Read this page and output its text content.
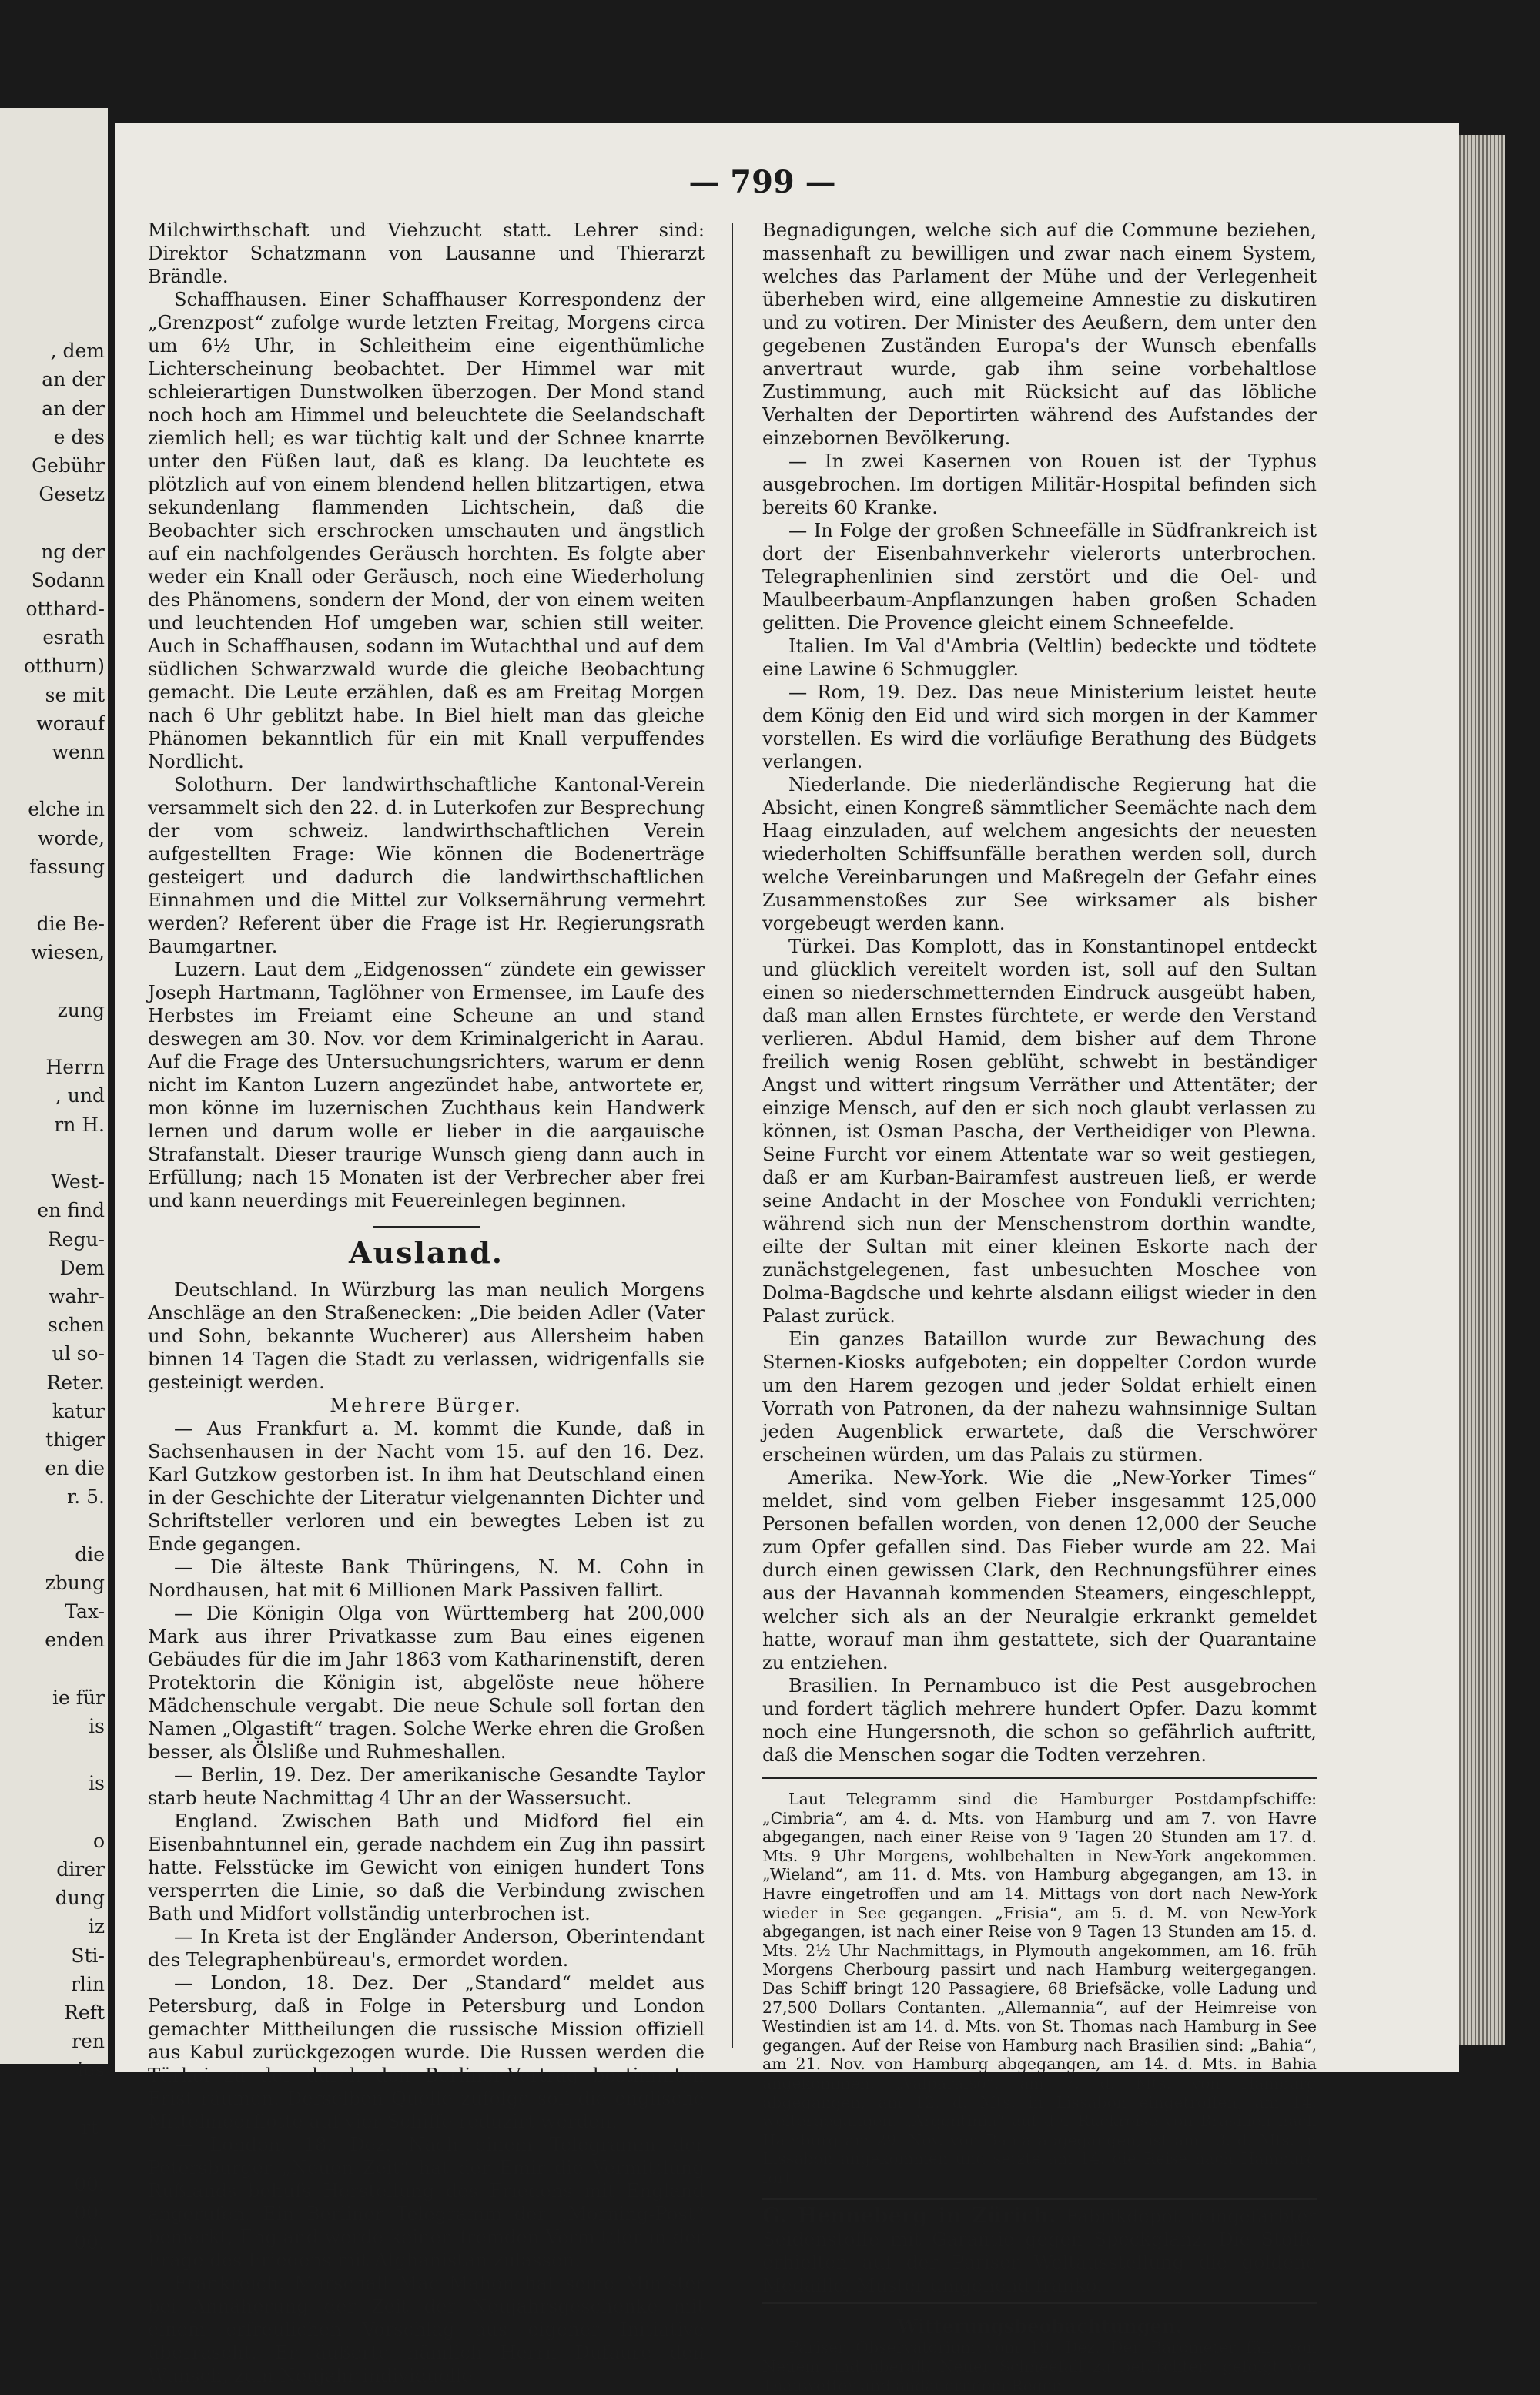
, dem
an der
an der
e des
Gebühr
Gesetz

ng der
Sodann
otthard-
esrath
otthurn)
se mit
worauf
wenn

elche in
worde,
fassung

die Be-
wiesen,

zung

Herrn
, und
rn H.

West-
en find
Regu-
Dem
wahr-
schen
ul so-
Reter.
katur
thiger
en die
r. 5.

die
zbung
Tax-
enden

ie für
is

is

o
direr
dung
iz
Sti-
rlin
Reft
ren
ies

rt-

00.
00.
00.

— 799 —

Milchwirthschaft und Viehzucht statt. Lehrer sind: Direktor Schatzmann von Lausanne und Thierarzt Brändle.

Schaffhausen. Einer Schaffhauser Korrespondenz der „Grenzpost“ zufolge wurde letzten Freitag, Morgens circa um 6½ Uhr, in Schleitheim eine eigenthümliche Lichterscheinung beobachtet. Der Himmel war mit schleierartigen Dunstwolken überzogen. Der Mond stand noch hoch am Himmel und beleuchtete die Seelandschaft ziemlich hell; es war tüchtig kalt und der Schnee knarrte unter den Füßen laut, daß es klang. Da leuchtete es plötzlich auf von einem blendend hellen blitzartigen, etwa sekundenlang flammenden Lichtschein, daß die Beobachter sich erschrocken umschauten und ängstlich auf ein nachfolgendes Geräusch horchten. Es folgte aber weder ein Knall oder Geräusch, noch eine Wiederholung des Phänomens, sondern der Mond, der von einem weiten und leuchtenden Hof umgeben war, schien still weiter. Auch in Schaffhausen, sodann im Wutachthal und auf dem südlichen Schwarzwald wurde die gleiche Beobachtung gemacht. Die Leute erzählen, daß es am Freitag Morgen nach 6 Uhr geblitzt habe. In Biel hielt man das gleiche Phänomen bekanntlich für ein mit Knall verpuffendes Nordlicht.

Solothurn. Der landwirthschaftliche Kantonal-Verein versammelt sich den 22. d. in Luterkofen zur Besprechung der vom schweiz. landwirthschaftlichen Verein aufgestellten Frage: Wie können die Bodenerträge gesteigert und dadurch die landwirthschaftlichen Einnahmen und die Mittel zur Volksernährung vermehrt werden? Referent über die Frage ist Hr. Regierungsrath Baumgartner.

Luzern. Laut dem „Eidgenossen“ zündete ein gewisser Joseph Hartmann, Taglöhner von Ermensee, im Laufe des Herbstes im Freiamt eine Scheune an und stand deswegen am 30. Nov. vor dem Kriminalgericht in Aarau. Auf die Frage des Untersuchungsrichters, warum er denn nicht im Kanton Luzern angezündet habe, antwortete er, mon könne im luzernischen Zuchthaus kein Handwerk lernen und darum wolle er lieber in die aargauische Strafanstalt. Dieser traurige Wunsch gieng dann auch in Erfüllung; nach 15 Monaten ist der Verbrecher aber frei und kann neuerdings mit Feuereinlegen beginnen.

Ausland.

Deutschland. In Würzburg las man neulich Morgens Anschläge an den Straßenecken: „Die beiden Adler (Vater und Sohn, bekannte Wucherer) aus Allersheim haben binnen 14 Tagen die Stadt zu verlassen, widrigenfalls sie gesteinigt werden.

Mehrere Bürger.

— Aus Frankfurt a. M. kommt die Kunde, daß in Sachsenhausen in der Nacht vom 15. auf den 16. Dez. Karl Gutzkow gestorben ist. In ihm hat Deutschland einen in der Geschichte der Literatur vielgenannten Dichter und Schriftsteller verloren und ein bewegtes Leben ist zu Ende gegangen.

— Die älteste Bank Thüringens, N. M. Cohn in Nordhausen, hat mit 6 Millionen Mark Passiven fallirt.

— Die Königin Olga von Württemberg hat 200,000 Mark aus ihrer Privatkasse zum Bau eines eigenen Gebäudes für die im Jahr 1863 vom Katharinenstift, deren Protektorin die Königin ist, abgelöste neue höhere Mädchenschule vergabt. Die neue Schule soll fortan den Namen „Olgastift“ tragen. Solche Werke ehren die Großen besser, als Ölsliße und Ruhmeshallen.

— Berlin, 19. Dez. Der amerikanische Gesandte Taylor starb heute Nachmittag 4 Uhr an der Wassersucht.

England. Zwischen Bath und Midford fiel ein Eisenbahntunnel ein, gerade nachdem ein Zug ihn passirt hatte. Felsstücke im Gewicht von einigen hundert Tons versperrten die Linie, so daß die Verbindung zwischen Bath und Midfort vollständig unterbrochen ist.

— In Kreta ist der Engländer Anderson, Oberintendant des Telegraphenbüreau's, ermordet worden.

— London, 18. Dez. Der „Standard“ meldet aus Petersburg, daß in Folge in Petersburg und London gemachter Mittheilungen die russische Mission offiziell aus Kabul zurückgezogen wurde. Die Russen werden die Türkei zu der durch den Berliner-Vertrag bestimmten Frist räumen. Derselben Quelle zufolge soll die englische Mittelmeerflotte auf vier Schiffe reduzirt werden.

— London, 18. Dez. Nach einem Telegramm der Petersburger „Neuen Zeit“ hat der Emir die Vermittlung Rußlands behufs Herstellung des Friedens mit England angerufen. Ein Berliner Telegramm der „Morning-Post“ bemerkt, England werde keinen fremden Vermittler in der Frage des Friedens mit Afghanistan zulassen.

Frankreich. Marschall Mac Mahon hat seine Minister bei Annäherung der Zeit der Neujahrsgeschenke mit einem erfreulichen Vorschlag aus eigener Initiative überrascht. Er äußerte nämlich Herrn Dufaure den Wunsch, zum Neujahr individuelle

Begnadigungen, welche sich auf die Commune beziehen, massenhaft zu bewilligen und zwar nach einem System, welches das Parlament der Mühe und der Verlegenheit überheben wird, eine allgemeine Amnestie zu diskutiren und zu votiren. Der Minister des Aeußern, dem unter den gegebenen Zuständen Europa's der Wunsch ebenfalls anvertraut wurde, gab ihm seine vorbehaltlose Zustimmung, auch mit Rücksicht auf das löbliche Verhalten der Deportirten während des Aufstandes der einzebornen Bevölkerung.

— In zwei Kasernen von Rouen ist der Typhus ausgebrochen. Im dortigen Militär-Hospital befinden sich bereits 60 Kranke.

— In Folge der großen Schneefälle in Südfrankreich ist dort der Eisenbahnverkehr vielerorts unterbrochen. Telegraphenlinien sind zerstört und die Oel- und Maulbeerbaum-Anpflanzungen haben großen Schaden gelitten. Die Provence gleicht einem Schneefelde.

Italien. Im Val d'Ambria (Veltlin) bedeckte und tödtete eine Lawine 6 Schmuggler.

— Rom, 19. Dez. Das neue Ministerium leistet heute dem König den Eid und wird sich morgen in der Kammer vorstellen. Es wird die vorläufige Berathung des Büdgets verlangen.

Niederlande. Die niederländische Regierung hat die Absicht, einen Kongreß sämmtlicher Seemächte nach dem Haag einzuladen, auf welchem angesichts der neuesten wiederholten Schiffsunfälle berathen werden soll, durch welche Vereinbarungen und Maßregeln der Gefahr eines Zusammenstoßes zur See wirksamer als bisher vorgebeugt werden kann.

Türkei. Das Komplott, das in Konstantinopel entdeckt und glücklich vereitelt worden ist, soll auf den Sultan einen so niederschmetternden Eindruck ausgeübt haben, daß man allen Ernstes fürchtete, er werde den Verstand verlieren. Abdul Hamid, dem bisher auf dem Throne freilich wenig Rosen geblüht, schwebt in beständiger Angst und wittert ringsum Verräther und Attentäter; der einzige Mensch, auf den er sich noch glaubt verlassen zu können, ist Osman Pascha, der Vertheidiger von Plewna. Seine Furcht vor einem Attentate war so weit gestiegen, daß er am Kurban-Bairamfest austreuen ließ, er werde seine Andacht in der Moschee von Fondukli verrichten; während sich nun der Menschenstrom dorthin wandte, eilte der Sultan mit einer kleinen Eskorte nach der zunächstgelegenen, fast unbesuchten Moschee von Dolma-Bagdsche und kehrte alsdann eiligst wieder in den Palast zurück.

Ein ganzes Bataillon wurde zur Bewachung des Sternen-Kiosks aufgeboten; ein doppelter Cordon wurde um den Harem gezogen und jeder Soldat erhielt einen Vorrath von Patronen, da der nahezu wahnsinnige Sultan jeden Augenblick erwartete, daß die Verschwörer erscheinen würden, um das Palais zu stürmen.

Amerika. New-York. Wie die „New-Yorker Times“ meldet, sind vom gelben Fieber insgesammt 125,000 Personen befallen worden, von denen 12,000 der Seuche zum Opfer gefallen sind. Das Fieber wurde am 22. Mai durch einen gewissen Clark, den Rechnungsführer eines aus der Havannah kommenden Steamers, eingeschleppt, welcher sich als an der Neuralgie erkrankt gemeldet hatte, worauf man ihm gestattete, sich der Quarantaine zu entziehen.

Brasilien. In Pernambuco ist die Pest ausgebrochen und fordert täglich mehrere hundert Opfer. Dazu kommt noch eine Hungersnoth, die schon so gefährlich auftritt, daß die Menschen sogar die Todten verzehren.

Laut Telegramm sind die Hamburger Postdampfschiffe: „Cimbria“, am 4. d. Mts. von Hamburg und am 7. von Havre abgegangen, nach einer Reise von 9 Tagen 20 Stunden am 17. d. Mts. 9 Uhr Morgens, wohlbehalten in New-York angekommen. „Wieland“, am 11. d. Mts. von Hamburg abgegangen, am 13. in Havre eingetroffen und am 14. Mittags von dort nach New-York wieder in See gegangen. „Frisia“, am 5. d. M. von New-York abgegangen, ist nach einer Reise von 9 Tagen 13 Stunden am 15. d. Mts. 2½ Uhr Nachmittags, in Plymouth angekommen, am 16. früh Morgens Cherbourg passirt und nach Hamburg weitergegangen. Das Schiff bringt 120 Passagiere, 68 Briefsäcke, volle Ladung und 27,500 Dollars Contanten. „Allemannia“, auf der Heimreise von Westindien ist am 14. d. Mts. von St. Thomas nach Hamburg in See gegangen. Auf der Reise von Hamburg nach Brasilien sind: „Bahia“, am 21. Nov. von Hamburg abgegangen, am 14. d. Mts. in Bahia angekommen. „Valparaiso“, am 7. d. Mts. von Hamburg abgegangen, am 12. d. Mts. in Lissabon eingetroffen, am 14. weitergegangen. „Argentinia“ auf der Rückreise von Brasilien nach Hamburg am 29. Nov. von Bahia abgegangen, ist am 13. d. Mts. in Lissabon angekommen und setzte am 14. die Reise nach Hamburg fort.

G. Henneberg in Zürich. Fabrikdepot reingefärbter Seidenstoffe mit Garantie gegen Speckglanz. Die Stoffe erhielten auf der Pariser Weltausstellung die goldene Medaille. Muster umgehend franko.

Witterungsbeobachtungen.

Pariser Observatorium vom 19. Dez. Der Barometer fällt von Neuem und überall. Neuer Schneefall zu befürchten, gefolgt von Thauwetter und andauerndem Regen.
